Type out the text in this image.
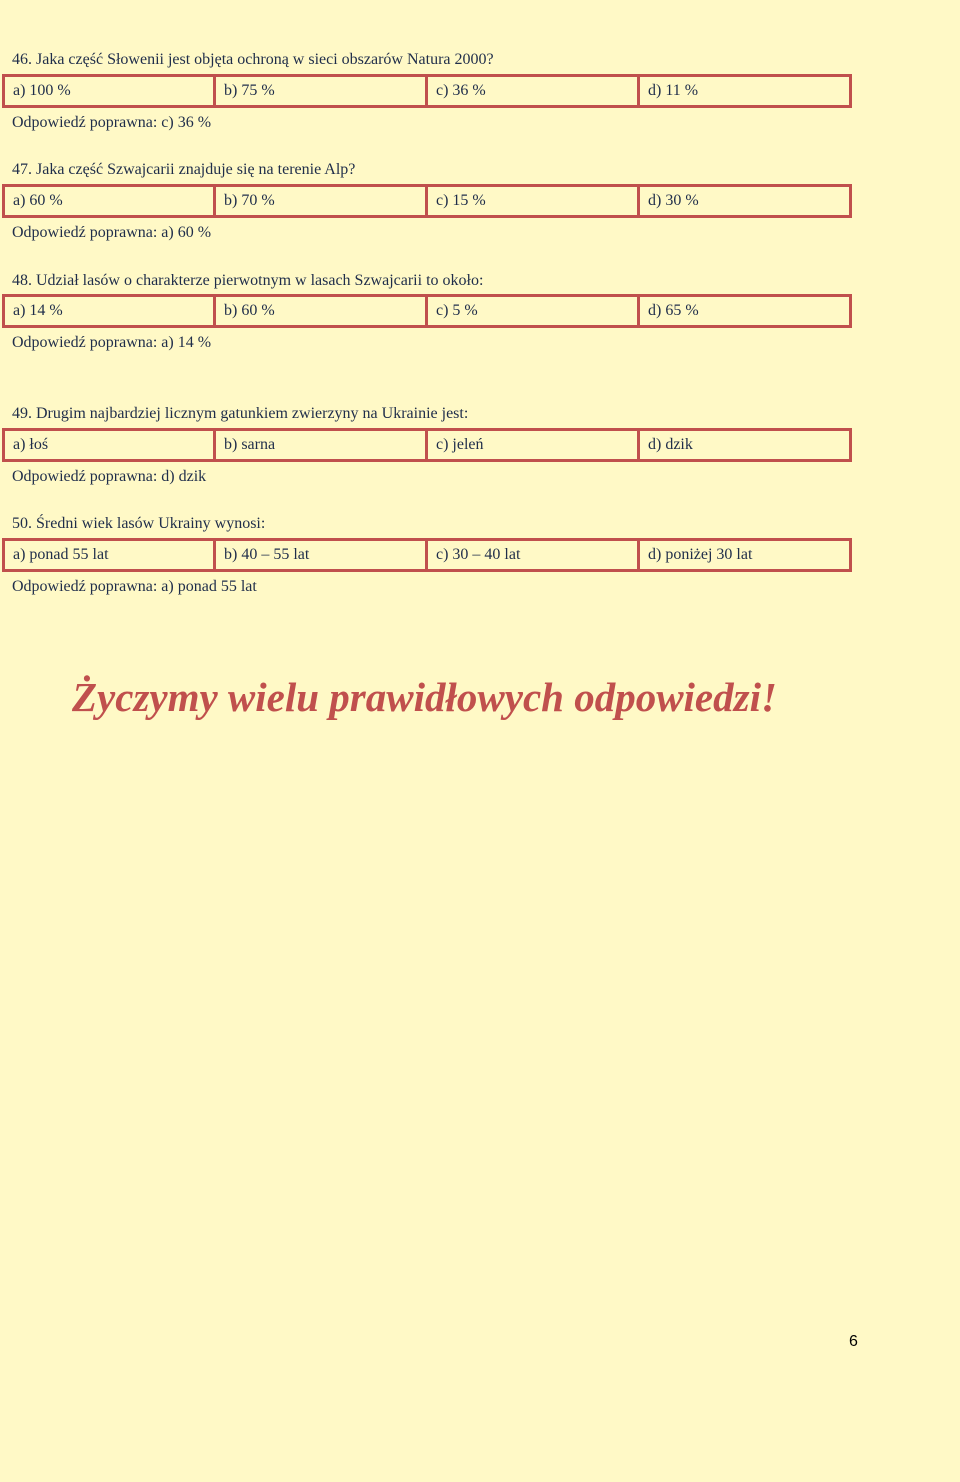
46. Jaka część Słowenii jest objęta ochroną w sieci obszarów Natura 2000?
a) 100 %	b) 75 %	c) 36 %	d) 11 %
Odpowiedź poprawna: c) 36 %
47. Jaka część Szwajcarii znajduje się na terenie Alp?
a) 60 %	b) 70 %	c) 15 %	d) 30 %
Odpowiedź poprawna: a) 60 %
48. Udział lasów o charakterze pierwotnym w lasach Szwajcarii to około:
a) 14 %	b) 60 %	c) 5 %	d) 65 %
Odpowiedź poprawna: a) 14 %
49. Drugim najbardziej licznym gatunkiem zwierzyny na Ukrainie jest:
a) łoś	b) sarna	c) jeleń	d) dzik
Odpowiedź poprawna: d) dzik
50. Średni wiek lasów Ukrainy wynosi:
a) ponad 55 lat	b) 40 – 55 lat	c) 30 – 40 lat	d) poniżej 30 lat
Odpowiedź poprawna: a) ponad 55 lat
Życzymy wielu prawidłowych odpowiedzi!
6
